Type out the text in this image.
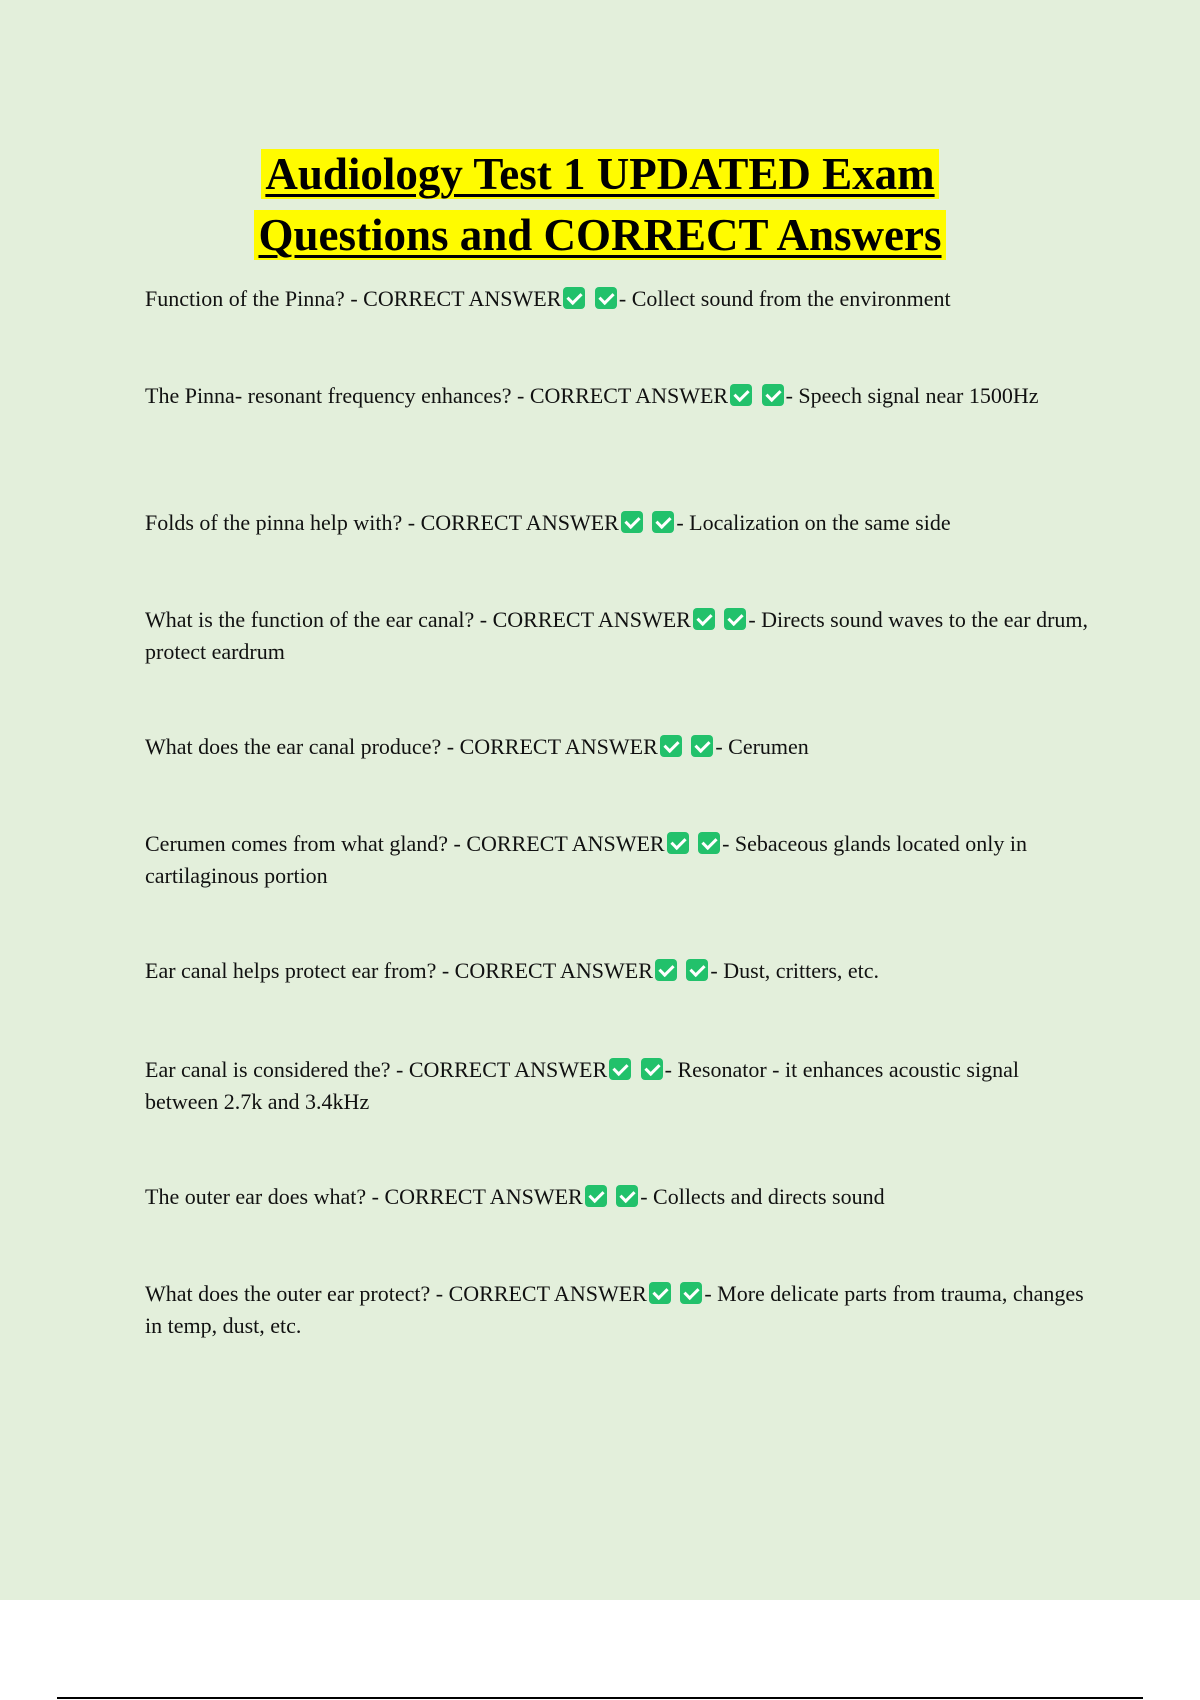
Audiology Test 1 UPDATED Exam
Questions and CORRECT Answers
Function of the Pinna? - CORRECT ANSWER	- Collect sound from the environment
The Pinna- resonant frequency enhances? - CORRECT ANSWER	- Speech signal near 1500Hz
Folds of the pinna help with? - CORRECT ANSWER	- Localization on the same side
What is the function of the ear canal? - CORRECT ANSWER	- Directs sound waves to the ear drum, protect eardrum
What does the ear canal produce? - CORRECT ANSWER	- Cerumen
Cerumen comes from what gland? - CORRECT ANSWER	- Sebaceous glands located only in cartilaginous portion
Ear canal helps protect ear from? - CORRECT ANSWER	- Dust, critters, etc.
Ear canal is considered the? - CORRECT ANSWER	- Resonator - it enhances acoustic signal between 2.7k and 3.4kHz
The outer ear does what? - CORRECT ANSWER	- Collects and directs sound
What does the outer ear protect? - CORRECT ANSWER	- More delicate parts from trauma, changes in temp, dust, etc.
